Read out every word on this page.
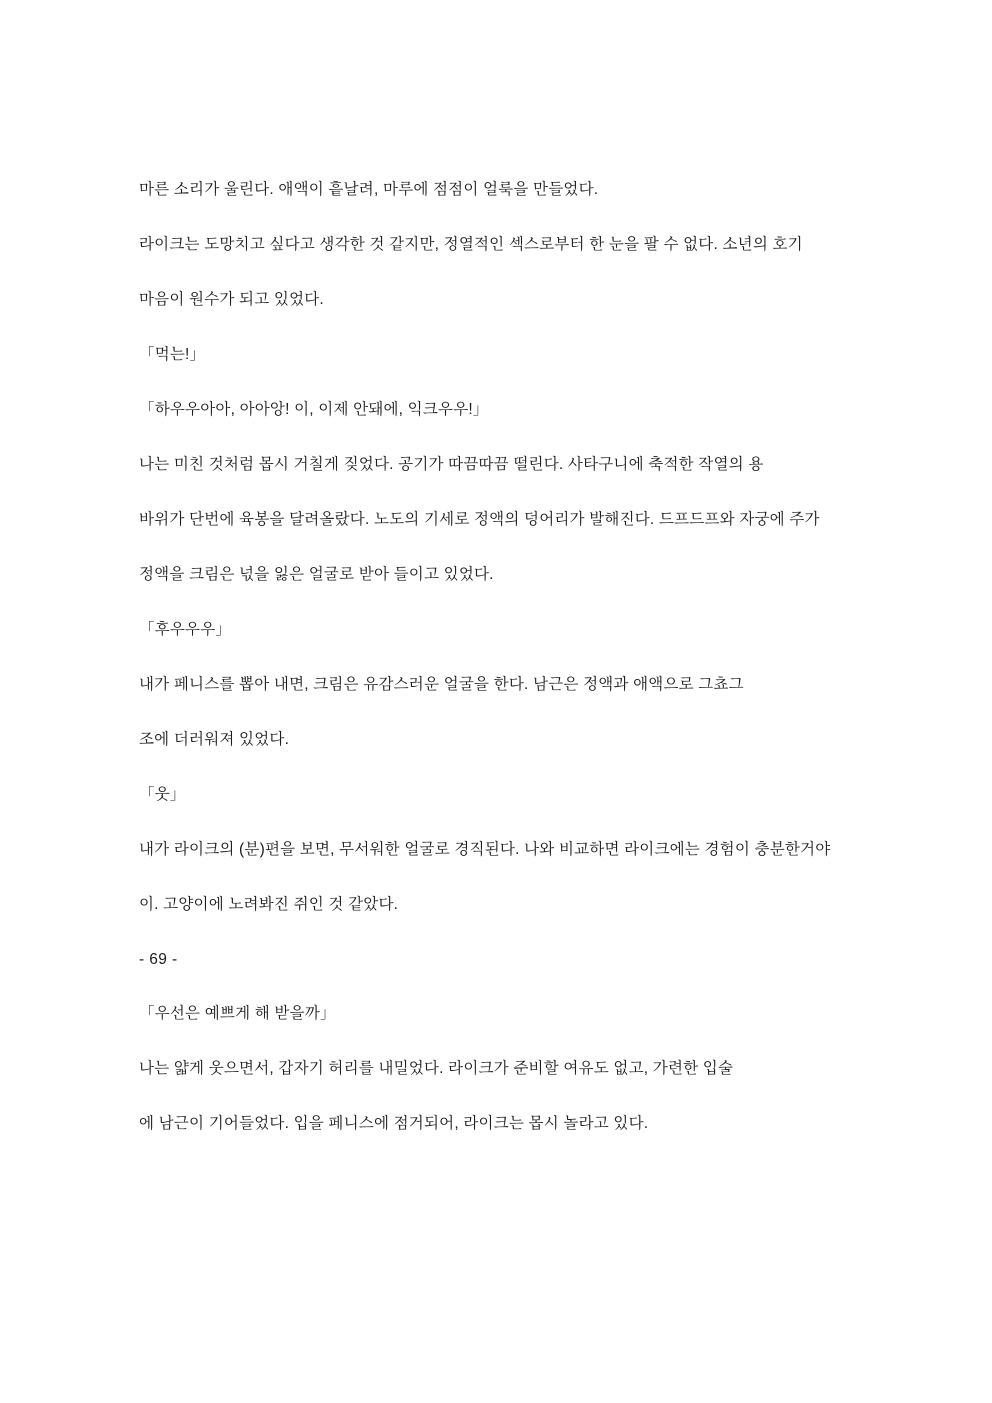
마른 소리가 울린다. 애액이 흩날려, 마루에 점점이 얼룩을 만들었다.

라이크는 도망치고 싶다고 생각한 것 같지만, 정열적인 섹스로부터 한 눈을 팔 수 없다. 소년의 호기

마음이 원수가 되고 있었다.

「먹는!」

「하우우아아, 아아앙! 이, 이제 안돼에, 익크우우!」

나는 미친 것처럼 몹시 거칠게 짖었다. 공기가 따끔따끔 떨린다. 사타구니에 축적한 작열의 용

바위가 단번에 육봉을 달려올랐다. 노도의 기세로 정액의 덩어리가 발해진다. 드프드프와 자궁에 주가

정액을 크림은 넋을 잃은 얼굴로 받아 들이고 있었다.

「후우우우」

내가 페니스를 뽑아 내면, 크림은 유감스러운 얼굴을 한다. 남근은 정액과 애액으로 그쵸그

조에 더러워져 있었다.

「웃」

내가 라이크의 (분)편을 보면, 무서워한 얼굴로 경직된다. 나와 비교하면 라이크에는 경험이 충분한거야

이. 고양이에 노려봐진 쥐인 것 같았다.

- 69 -

「우선은 예쁘게 해 받을까」

나는 얇게 웃으면서, 갑자기 허리를 내밀었다. 라이크가 준비할 여유도 없고, 가련한 입술

에 남근이 기어들었다. 입을 페니스에 점거되어, 라이크는 몹시 놀라고 있다.
